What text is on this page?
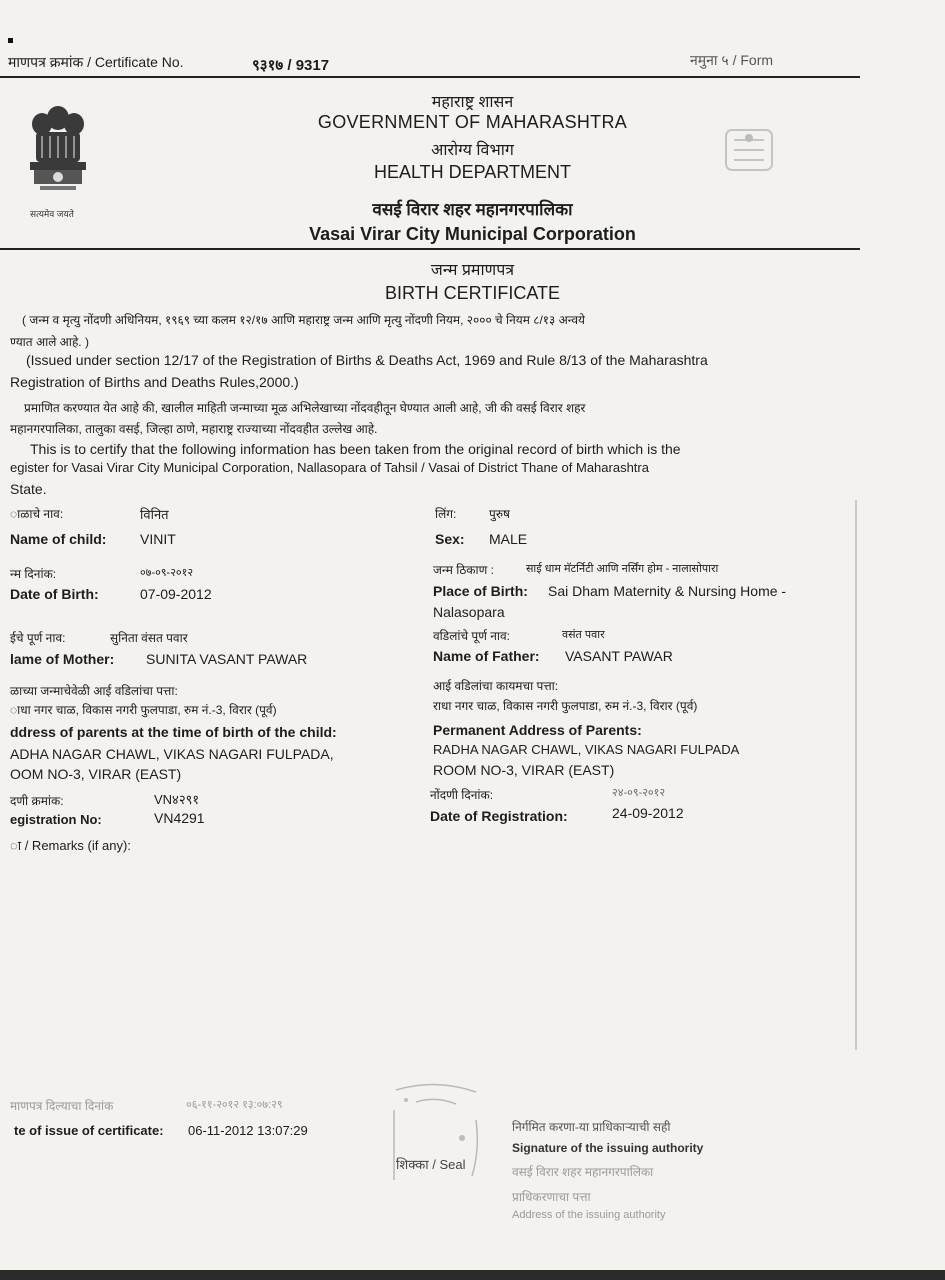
माणपत्र क्रमांक / Certificate No.	९३१७ / 9317	नमुना ५ / Form
सत्यमेव जयते
महाराष्ट्र शासन
GOVERNMENT OF MAHARASHTRA
आरोग्य विभाग
HEALTH DEPARTMENT
वसई विरार शहर महानगरपालिका
Vasai Virar City Municipal Corporation
जन्म प्रमाणपत्र
BIRTH CERTIFICATE
( जन्म व मृत्यु नोंदणी अधिनियम, १९६९ च्या कलम १२/१७ आणि महाराष्ट्र जन्म आणि मृत्यु नोंदणी नियम, २००० चे नियम ८/१३ अन्वये
ण्यात आले आहे. )
(Issued under section 12/17 of the Registration of Births & Deaths Act, 1969 and Rule 8/13 of the Maharashtra
Registration of Births and Deaths Rules,2000.)
प्रमाणित करण्यात येत आहे की, खालील माहिती जन्माच्या मूळ अभिलेखाच्या नोंदवहीतून घेण्यात आली आहे, जी की वसई विरार शहर
महानगरपालिका, तालुका वसई, जिल्हा ठाणे, महाराष्ट्र राज्याच्या नोंदवहीत उल्लेख आहे.
This is to certify that the following information has been taken from the original record of birth which is the
egister for Vasai Virar City Municipal Corporation, Nallasopara of Tahsil / Vasai of District Thane of Maharashtra
State.
ाळाचे नाव:	विनित
Name of child: VINIT
न्म दिनांक:	०७-०९-२०१२
Date of Birth:	07-09-2012
ईचे पूर्ण नाव:	सुनिता वंसत पवार
lame of Mother: SUNITA VASANT PAWAR
ळाच्या जन्माचेवेळी आई वडिलांचा पत्ता:
ाधा नगर चाळ, विकास नगरी फुलपाडा, रुम नं.-3, विरार (पूर्व)
ddress of parents at the time of birth of the child:
ADHA NAGAR CHAWL, VIKAS NAGARI FULPADA,
OOM NO-3, VIRAR (EAST)
दणी क्रमांक:	VN४२९१
egistration No:	VN4291
ा / Remarks (if any):
लिंग:	पुरुष
Sex: MALE
जन्म ठिकाण :	साई धाम मॅटर्निटी आणि नर्सिंग होम - नालासोपारा
Place of Birth: Sai Dham Maternity & Nursing Home -
Nalasopara
वडिलांचे पूर्ण नाव:	वसंत पवार
Name of Father: VASANT PAWAR
आई वडिलांचा कायमचा पत्ता:
राधा नगर चाळ, विकास नगरी फुलपाडा, रुम नं.-3, विरार (पूर्व)
Permanent Address of Parents:
RADHA NAGAR CHAWL, VIKAS NAGARI FULPADA
ROOM NO-3, VIRAR (EAST)
नोंदणी दिनांक:	२४-०९-२०१२
Date of Registration:	24-09-2012
माणपत्र दिल्याचा दिनांक	०६-११-२०१२ १३:०७:२९
te of issue of certificate: 06-11-2012 13:07:29
शिक्का / Seal
निर्गमित करणा-या प्राधिकाऱ्याची सही
Signature of the issuing authority
वसई विरार शहर महानगरपालिका
प्राधिकरणाचा पत्ता
Address of the issuing authority
